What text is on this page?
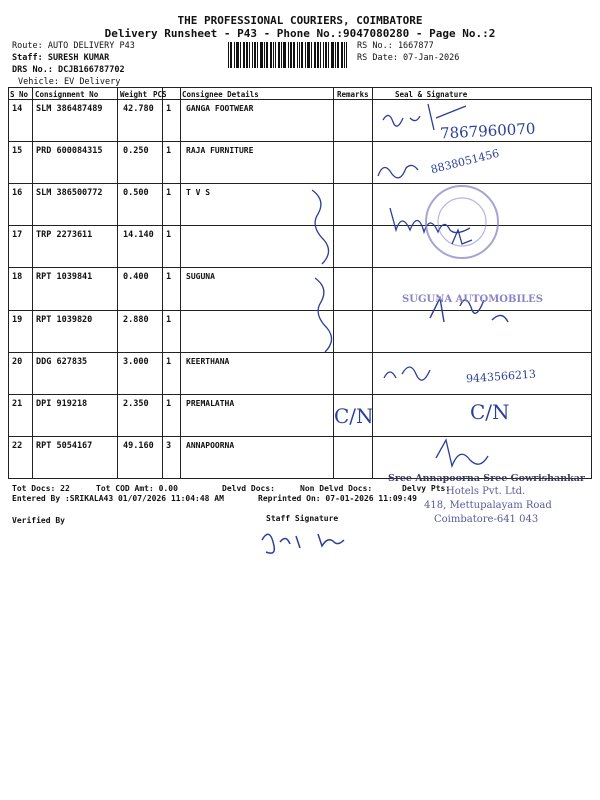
THE PROFESSIONAL COURIERS, COIMBATORE
Delivery Runsheet - P43 - Phone No.:9047080280 - Page No.:2
Route: AUTO DELIVERY P43
Staff: SURESH KUMAR
DRS No.: DCJB166787702
Vehicle: EV Delivery
RS No.: 1667877
RS Date: 07-Jan-2026
S No Consignment No	Weight PCS Consignee Details	Remarks	Seal & Signature
14 SLM 386487489 42.780 1 GANGA FOOTWEAR
15 PRD 600084315 0.250 1 RAJA FURNITURE
16 SLM 386500772 0.500 1 T V S
17 TRP 2273611	14.140 1
18 RPT 1039841	0.400 1 SUGUNA
19 RPT 1039820	2.880 1
20 DDG 627835	3.000 1 KEERTHANA
21 DPI 919218	2.350 1 PREMALATHA
22 RPT 5054167	49.160 3 ANNAPOORNA
7867960070
8838051456
9443566213
C/N	C/N
SUGUNA AUTOMOBILES
Sree Annapoorna Sree Gowrishankar
Hotels Pvt. Ltd.
418, Mettupalayam Road
Coimbatore-641 043
Tot Docs: 22	Tot COD Amt: 0.00	Delvd Docs:	Non Delvd Docs:	Delvy Pts:
Entered By :SRIKALA43 01/07/2026 11:04:48 AM	Reprinted On: 07-01-2026 11:09:49
Verified By	Staff Signature
